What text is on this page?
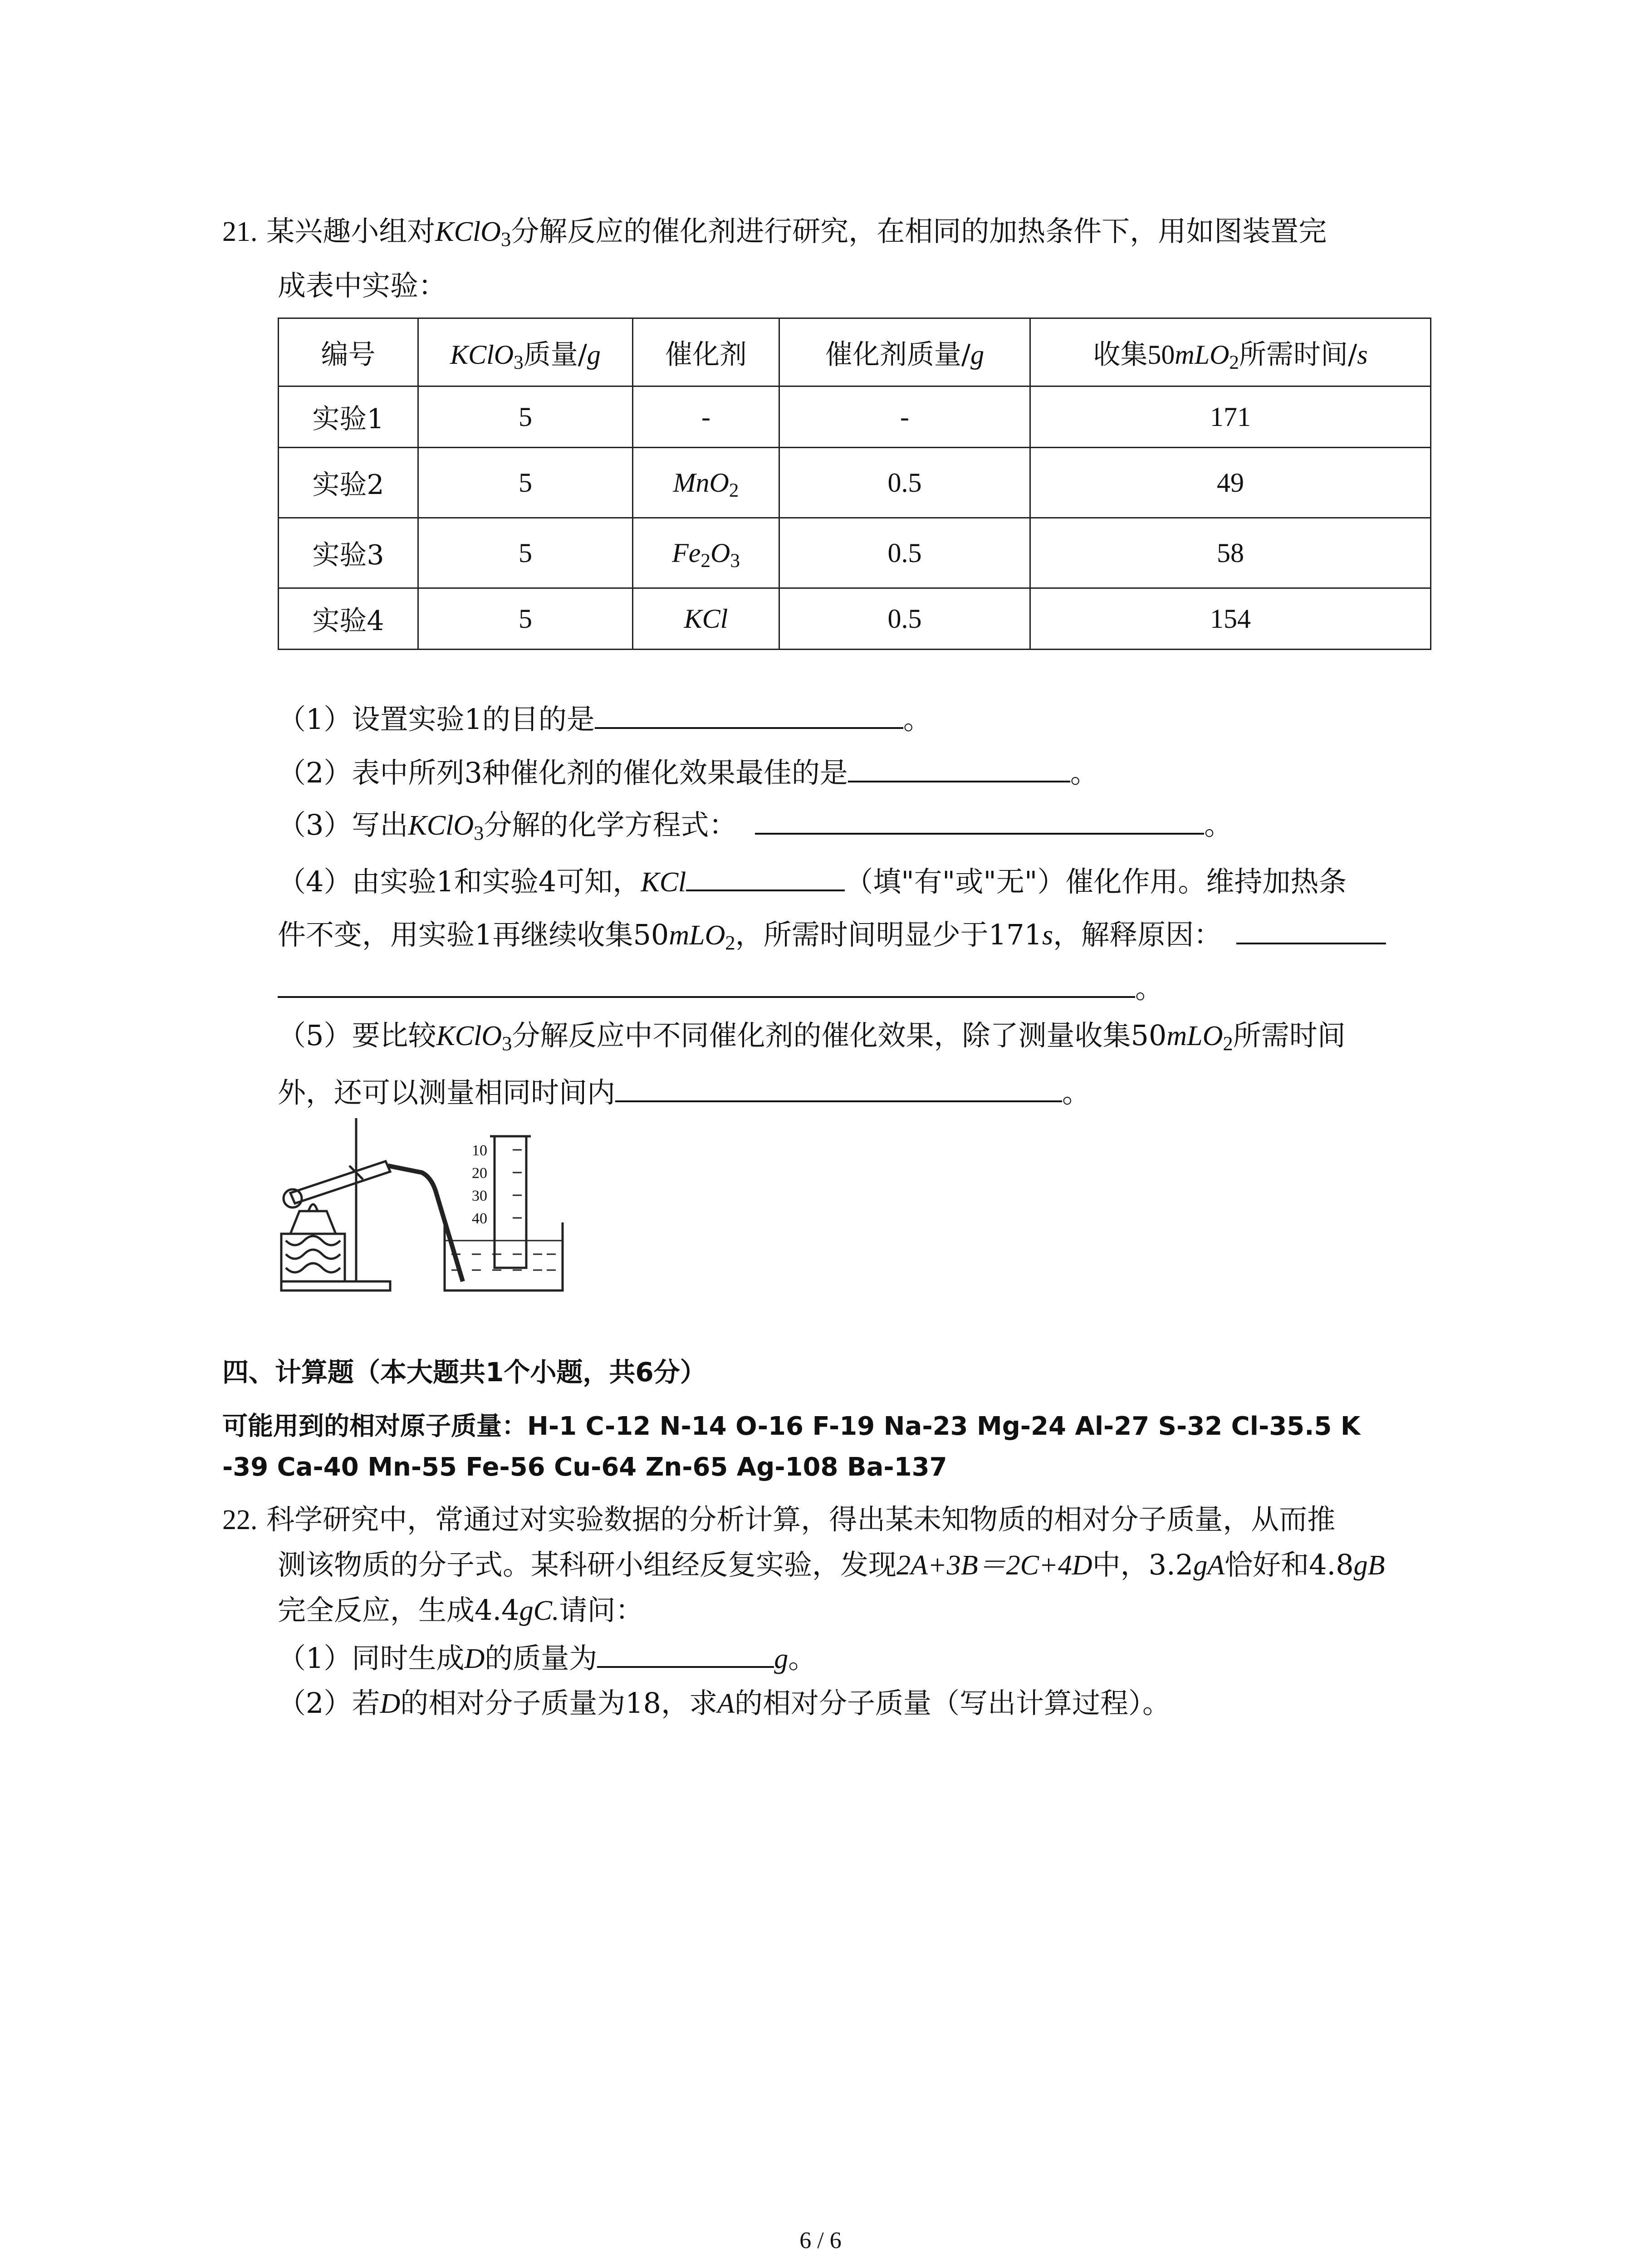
21. 某兴趣小组对KClO$_3$分解反应的催化剂进行研究，在相同的加热条件下，用如图装置完
成表中实验：
编号	KClO$_3$质量/g	催化剂	催化剂质量/g	收集50mLO$_2$所需时间/s
实验1	5	-	-	171
实验2	5	MnO$_2$	0.5	49
实验3	5	$Fe_2O_3$	0.5	58
实验4	5	KCl	0.5	154
（1）设置实验1的目的是	。
（2）表中所列3种催化剂的催化效果最佳的是	。
（3）写出KClO$_3$分解的化学方程式：	。
（4）由实验1和实验4可知，KCl	（填"有"或"无"）催化作用。维持加热条
件不变，用实验1再继续收集50mLO$_2$，所需时间明显少于171s，解释原因：
。
（5）要比较KClO$_3$分解反应中不同催化剂的催化效果，除了测量收集50mLO$_2$所需时间
外，还可以测量相同时间内	。
10
20
30
40
四、计算题（本大题共1个小题，共6分）
可能用到的相对原子质量：H-1 C-12 N-14 O-16 F-19 Na-23 Mg-24 Al-27 S-32 Cl-35.5 K
-39 Ca-40 Mn-55 Fe-56 Cu-64 Zn-65 Ag-108 Ba-137
22. 科学研究中，常通过对实验数据的分析计算，得出某未知物质的相对分子质量，从而推
测该物质的分子式。某科研小组经反复实验，发现2A+3B＝2C+4D中，3.2gA恰好和4.8gB
完全反应，生成4.4gC.请问：
（1）同时生成D的质量为	g。
（2）若D的相对分子质量为18，求A的相对分子质量（写出计算过程）。
6 / 6
